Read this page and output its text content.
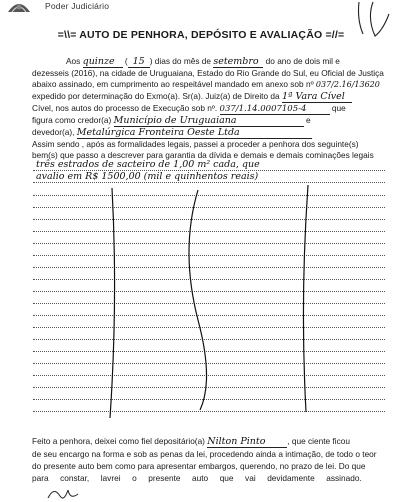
Poder Judiciário
=\\= AUTO DE PENHORA, DEPÓSITO E AVALIAÇÃO =//=
Aos quinze ( 15 ) dias do mês de setembro do ano de dois mil e
dezesseis (2016), na cidade de Uruguaiana, Estado do Rio Grande do Sul, eu Oficial de Justiça
abaixo assinado, em cumprimento ao respeitável mandado em anexo sob nº 037/2.16/13620
expedido por determinação do Exmo(a). Sr(a). Juiz(a) de Direito da 1ª Vara Cível
Cível, nos autos do processo de Execução sob nº. 037/1.14.0007105-4	que
figura como credor(a) Município de Uruguaiana	e
devedor(a), Metalúrgica Fronteira Oeste Ltda
Assim sendo , após as formalidades legais, passei a proceder a penhora dos seguinte(s)
bem(s) que passo a descrever para garantia da dívida e demais e demais cominações legais
três estrados de sacteiro de 1,00 m² cada, que
avalio em R$ 1500,00 (mil e quinhentos reais)
Feito a penhora, deixei como fiel depositário(a) Nilton Pinto	, que ciente ficou
de seu encargo na forma e sob as penas da lei, procedendo ainda a intimação, de todo o teor
do presente auto bem como para apresentar embargos, querendo, no prazo de lei. Do que
para     constar,     lavrei     o     presente     auto     que     vai     devidamente     assinado.
